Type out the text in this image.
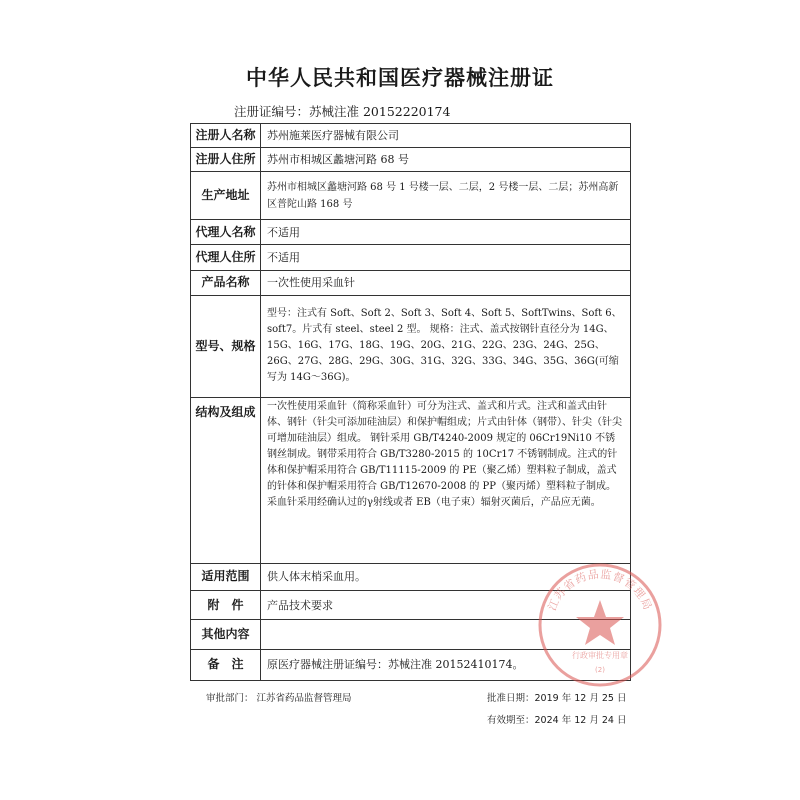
中华人民共和国医疗器械注册证
注册证编号：苏械注准 20152220174
注册人名称	苏州施莱医疗器械有限公司
注册人住所	苏州市相城区蠡塘河路 68 号
生产地址	苏州市相城区蠡塘河路 68 号 1 号楼一层、二层，2 号楼一层、二层；苏州高新区普陀山路 168 号
代理人名称	不适用
代理人住所	不适用
产品名称	一次性使用采血针
型号、规格	型号：注式有 Soft、Soft 2、Soft 3、Soft 4、Soft 5、SoftTwins、Soft 6、soft7。片式有 steel、steel 2 型。 规格：注式、盖式按钢针直径分为 14G、15G、16G、17G、18G、19G、20G、21G、22G、23G、24G、25G、26G、27G、28G、29G、30G、31G、32G、33G、34G、35G、36G(可缩写为 14G～36G)。
结构及组成	一次性使用采血针（简称采血针）可分为注式、盖式和片式。注式和盖式由针体、钢针（针尖可添加硅油层）和保护帽组成；片式由针体（钢带）、针尖（针尖可增加硅油层）组成。 钢针采用 GB/T4240-2009 规定的 06Cr19Ni10 不锈钢丝制成。钢带采用符合 GB/T3280-2015 的 10Cr17 不锈钢制成。注式的针体和保护帽采用符合 GB/T11115-2009 的 PE（聚乙烯）塑料粒子制成，盖式的针体和保护帽采用符合 GB/T12670-2008 的 PP（聚丙烯）塑料粒子制成。采血针采用经确认过的γ射线或者 EB（电子束）辐射灭菌后，产品应无菌。
适用范围	供人体末梢采血用。
附　件	产品技术要求
其他内容	
备　注	原医疗器械注册证编号：苏械注准 20152410174。
行政审批专用章
(2)
江苏省药品监督管理局
审批部门： 江苏省药品监督管理局	批准日期：2019 年 12 月 25 日
有效期至：2024 年 12 月 24 日
